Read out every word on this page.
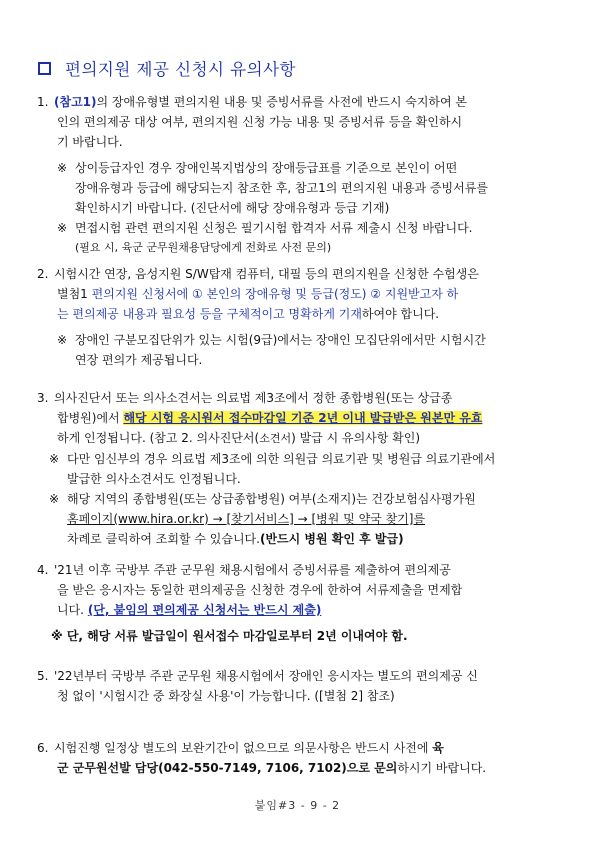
편의지원 제공 신청시 유의사항

1. (참고1)의 장애유형별 편의지원 내용 및 증빙서류를 사전에 반드시 숙지하여 본

인의 편의제공 대상 여부, 편의지원 신청 가능 내용 및 증빙서류 등을 확인하시

기 바랍니다.

※ 상이등급자인 경우 장애인복지법상의 장애등급표를 기준으로 본인이 어떤

장애유형과 등급에 해당되는지 참조한 후, 참고1의 편의지원 내용과 증빙서류를

확인하시기 바랍니다. (진단서에 해당 장애유형과 등급 기재)

※ 면접시험 관련 편의지원 신청은 필기시험 합격자 서류 제출시 신청 바랍니다.

(필요 시, 육군 군무원채용담당에게 전화로 사전 문의)

2. 시험시간 연장, 음성지원 S/W탑재 컴퓨터, 대필 등의 편의지원을 신청한 수험생은

별첨1 편의지원 신청서에 ① 본인의 장애유형 및 등급(정도) ② 지원받고자 하

는 편의제공 내용과 필요성 등을 구체적이고 명확하게 기재하여야 합니다.

※ 장애인 구분모집단위가 있는 시험(9급)에서는 장애인 모집단위에서만 시험시간

연장 편의가 제공됩니다.

3. 의사진단서 또는 의사소견서는 의료법 제3조에서 정한 종합병원(또는 상급종

합병원)에서 해당 시험 응시원서 접수마감일 기준 2년 이내 발급받은 원본만 유효

하게 인정됩니다. (참고 2. 의사진단서(소견서) 발급 시 유의사항 확인)

※ 다만 임신부의 경우 의료법 제3조에 의한 의원급 의료기관 및 병원급 의료기관에서

발급한 의사소견서도 인정됩니다.

※ 해당 지역의 종합병원(또는 상급종합병원) 여부(소재지)는 건강보험심사평가원

홈페이지(www.hira.or.kr) → [찾기서비스] → [병원 및 약국 찾기]를

차례로 클릭하여 조회할 수 있습니다.(반드시 병원 확인 후 발급)

4. '21년 이후 국방부 주관 군무원 채용시험에서 증빙서류를 제출하여 편의제공

을 받은 응시자는 동일한 편의제공을 신청한 경우에 한하여 서류제출을 면제합

니다. (단, 붙임의 편의제공 신청서는 반드시 제출)

※ 단, 해당 서류 발급일이 원서접수 마감일로부터 2년 이내여야 함.

5. '22년부터 국방부 주관 군무원 채용시험에서 장애인 응시자는 별도의 편의제공 신

청 없이 '시험시간 중 화장실 사용'이 가능합니다. ([별첨 2] 참조)

6. 시험진행 일정상 별도의 보완기간이 없으므로 의문사항은 반드시 사전에 육

군 군무원선발 담당(042-550-7149, 7106, 7102)으로 문의하시기 바랍니다.

붙임#3 - 9 - 2
